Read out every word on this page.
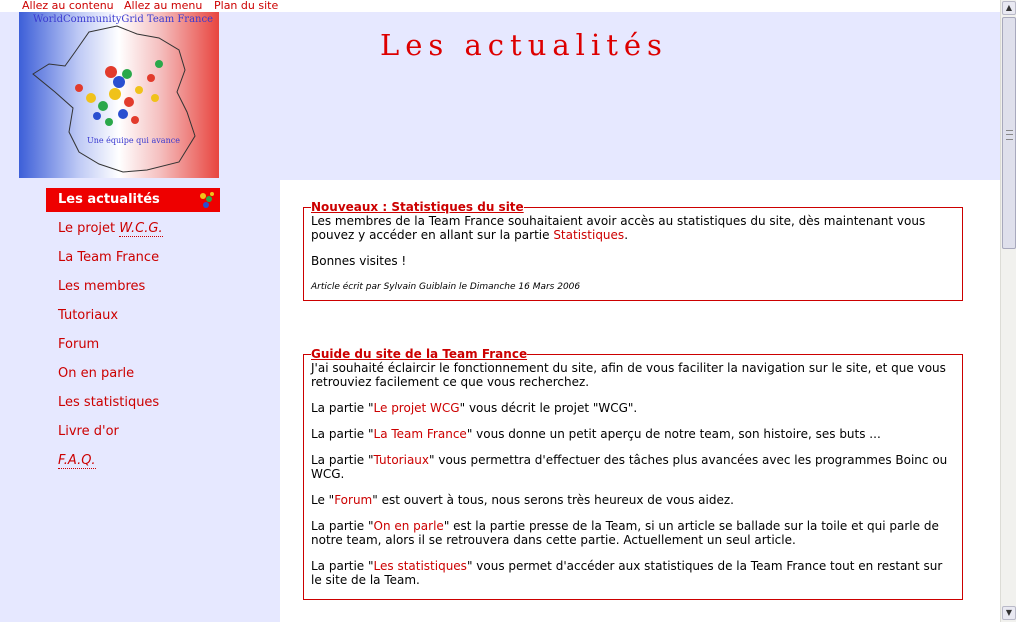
Allez au contenu Allez au menu Plan du site
WorldCommunityGrid Team France
Une équipe qui avance
Les actualités
Le projet W.C.G.
La Team France
Les membres
Tutoriaux
Forum
On en parle
Les statistiques
Livre d'or
F.A.Q.
Les actualités
Nouveaux : Statistiques du site

Les membres de la Team France souhaitaient avoir accès au statistiques du site, dès maintenant vous pouvez y accéder en allant sur la partie Statistiques.

Bonnes visites !

Article écrit par Sylvain Guiblain le Dimanche 16 Mars 2006

Guide du site de la Team France

J'ai souhaité éclaircir le fonctionnement du site, afin de vous faciliter la navigation sur le site, et que vous retrouviez facilement ce que vous recherchez.

La partie "Le projet WCG" vous décrit le projet "WCG".

La partie "La Team France" vous donne un petit aperçu de notre team, son histoire, ses buts ...

La partie "Tutoriaux" vous permettra d'effectuer des tâches plus avancées avec les programmes Boinc ou WCG.

Le "Forum" est ouvert à tous, nous serons très heureux de vous aidez.

La partie "On en parle" est la partie presse de la Team, si un article se ballade sur la toile et qui parle de notre team, alors il se retrouvera dans cette partie. Actuellement un seul article.

La partie "Les statistiques" vous permet d'accéder aux statistiques de la Team France tout en restant sur le site de la Team.

▲
▼
